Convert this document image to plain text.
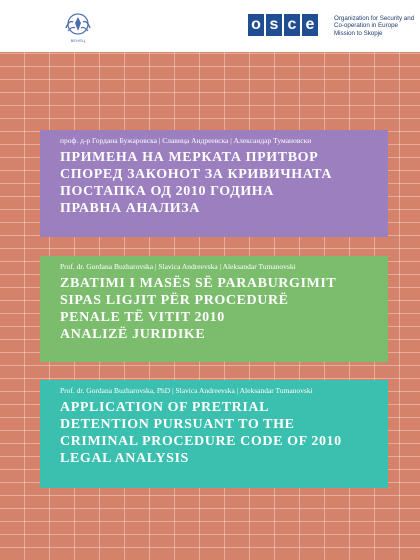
ВЕНЕЦ
o s c e	Organization for Security and
Co-operation in Europe
Mission to Skopje
проф. д-р Гордана Бужаровска | Славица Андреевска | Александар Тумановски
ПРИМЕНА НА МЕРКАТА ПРИТВОР
СПОРЕД ЗАКОНОТ ЗА КРИВИЧНАТА
ПОСТАПКА ОД 2010 ГОДИНА
ПРАВНА АНАЛИЗА
Prof. dr. Gordana Buzharovska | Slavica Andreevska | Aleksandar Tumanovski
ZBATIMI I MASËS SË PARABURGIMIT
SIPAS LIGJIT PËR PROCEDURË
PENALE TË VITIT 2010
ANALIZË JURIDIKE
Prof. dr. Gordana Buzharovska, PhD | Slavica Andreevska | Aleksandar Tumanovski
APPLICATION OF PRETRIAL
DETENTION PURSUANT TO THE
CRIMINAL PROCEDURE CODE OF 2010
LEGAL ANALYSIS
